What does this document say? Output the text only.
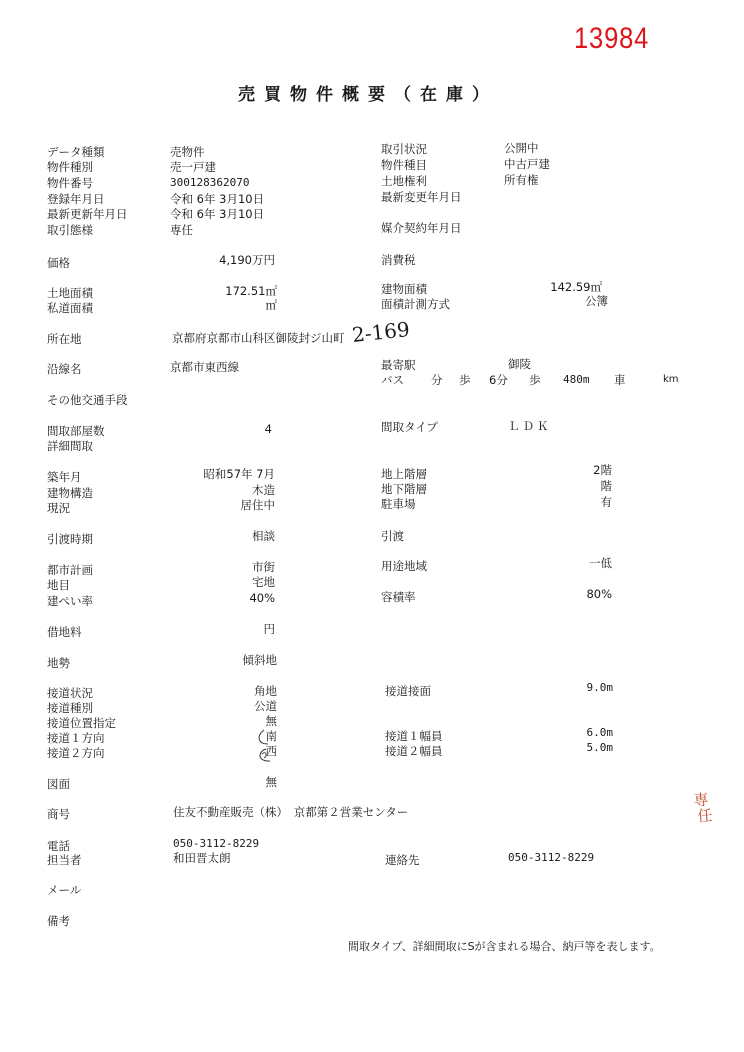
13984
売買物件概要（在庫）
データ種類	売物件
物件種別	売一戸建
物件番号	300128362070
登録年月日	令和 6年 3月10日
最新更新年月日	令和 6年 3月10日
取引態様	専任
価格	4,190万円
土地面積	172.51㎡
私道面積	㎡
所在地	京都府京都市山科区御陵封ジ山町 2-169
沿線名	京都市東西線
その他交通手段
間取部屋数	4
詳細間取
築年月	昭和57年 7月
建物構造	木造
現況	居住中
引渡時期	相談
都市計画	市街
地目	宅地
建ぺい率	40%
借地料	円
地勢	傾斜地
接道状況	角地
接道種別	公道
接道位置指定	無
接道１方向	南
接道２方向	西
図面	無
商号	住友不動産販売（株）　京都第２営業センター
電話	050-3112-8229
担当者	和田晋太朗
メール
備考
取引状況	公開中
物件種目	中古戸建
土地権利	所有権
最新変更年月日
媒介契約年月日
消費税
建物面積	142.59㎡
面積計測方式	公簿
最寄駅	御陵
バス 分 歩 6分 歩 480m 車	km
間取タイプ	ＬＤＫ
地上階層	2階
地下階層	階
駐車場	有
引渡
用途地域	一低
容積率	80%
接道接面	9.0m
接道１幅員	6.0m
接道２幅員	5.0m
連絡先	050-3112-8229
間取タイプ、詳細間取にSが含まれる場合、納戸等を表します。
専
任
